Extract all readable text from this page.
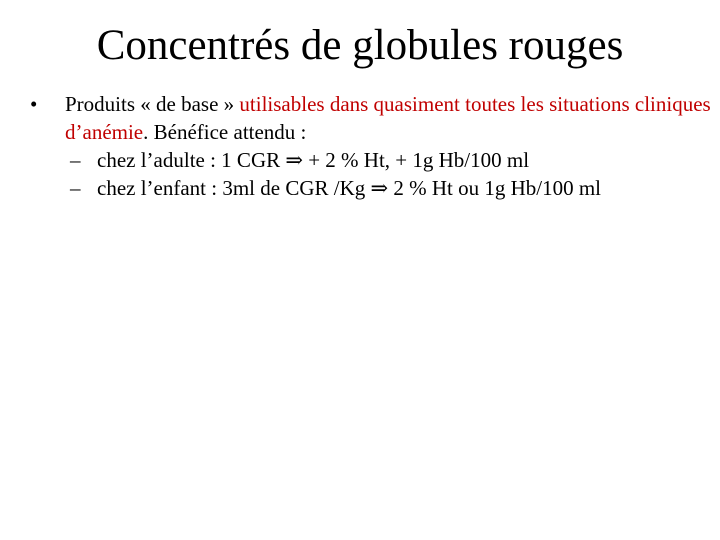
Concentrés de globules rouges
• Produits « de base » utilisables dans quasiment toutes les situations cliniques d’anémie. Bénéfice attendu :
– chez l’adulte : 1 CGR ⇒ + 2 % Ht, + 1g Hb/100 ml
– chez l’enfant : 3ml de CGR /Kg ⇒ 2 % Ht ou 1g Hb/100 ml
